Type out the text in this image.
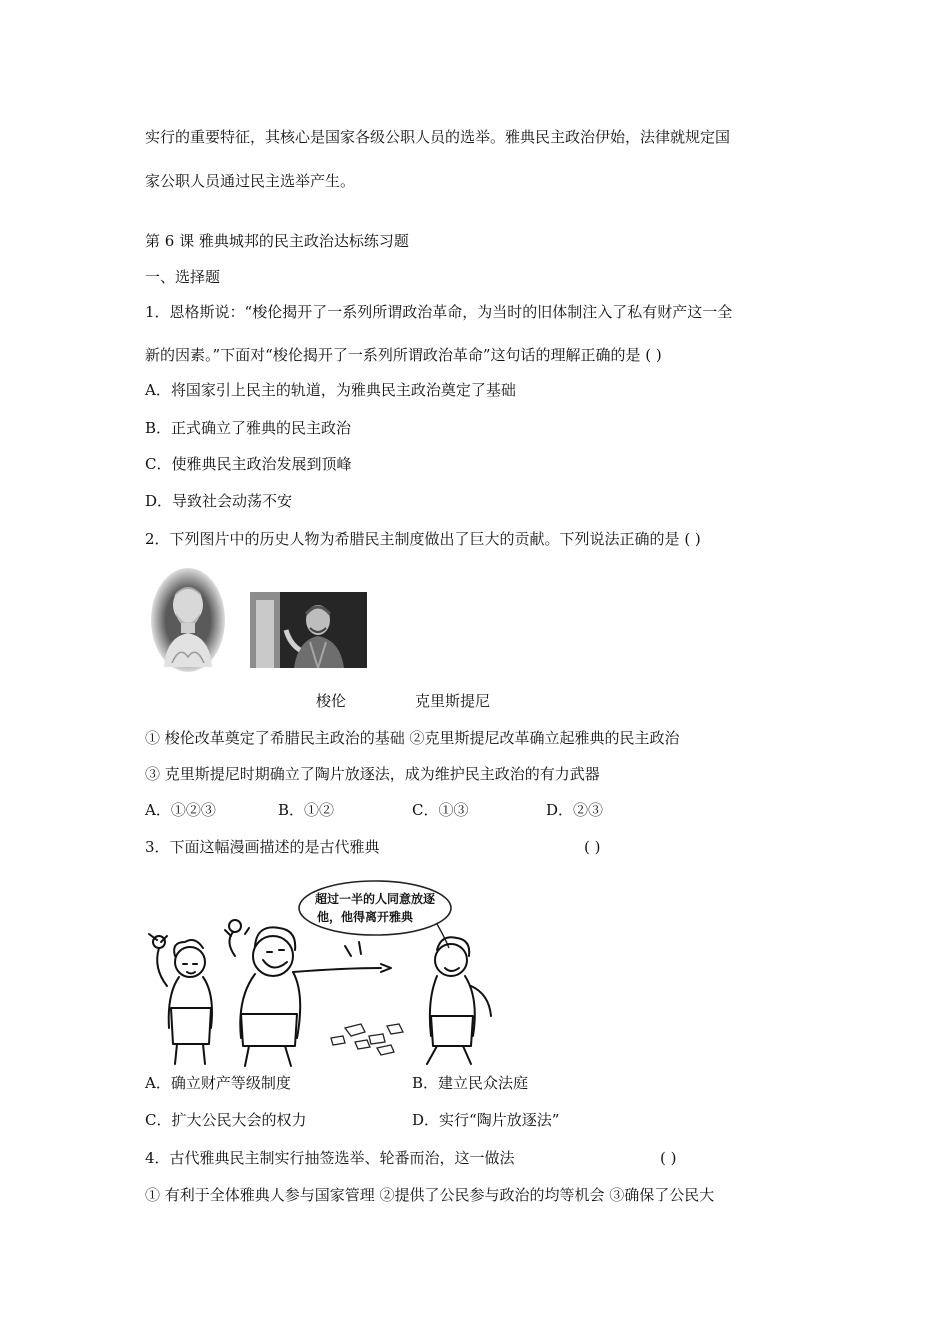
实行的重要特征，其核心是国家各级公职人员的选举。雅典民主政治伊始，法律就规定国
家公职人员通过民主选举产生。
第 6 课 雅典城邦的民主政治达标练习题
一、选择题
1．恩格斯说：“梭伦揭开了一系列所谓政治革命，为当时的旧体制注入了私有财产这一全
新的因素。”下面对“梭伦揭开了一系列所谓政治革命”这句话的理解正确的是 ( )
A．将国家引上民主的轨道，为雅典民主政治奠定了基础
B．正式确立了雅典的民主政治
C．使雅典民主政治发展到顶峰
D．导致社会动荡不安
2．下列图片中的历史人物为希腊民主制度做出了巨大的贡献。下列说法正确的是 ( )
梭伦	克里斯提尼
① 梭伦改革奠定了希腊民主政治的基础 ②克里斯提尼改革确立起雅典的民主政治
③ 克里斯提尼时期确立了陶片放逐法，成为维护民主政治的有力武器
A．①②③	B．①②	C．①③	D．②③
3．下面这幅漫画描述的是古代雅典	( )
超过一半的人同意放逐
他，他得离开雅典
A．确立财产等级制度	B．建立民众法庭
C．扩大公民大会的权力	D．实行“陶片放逐法”
4．古代雅典民主制实行抽签选举、轮番而治，这一做法	( )
① 有利于全体雅典人参与国家管理 ②提供了公民参与政治的均等机会 ③确保了公民大
